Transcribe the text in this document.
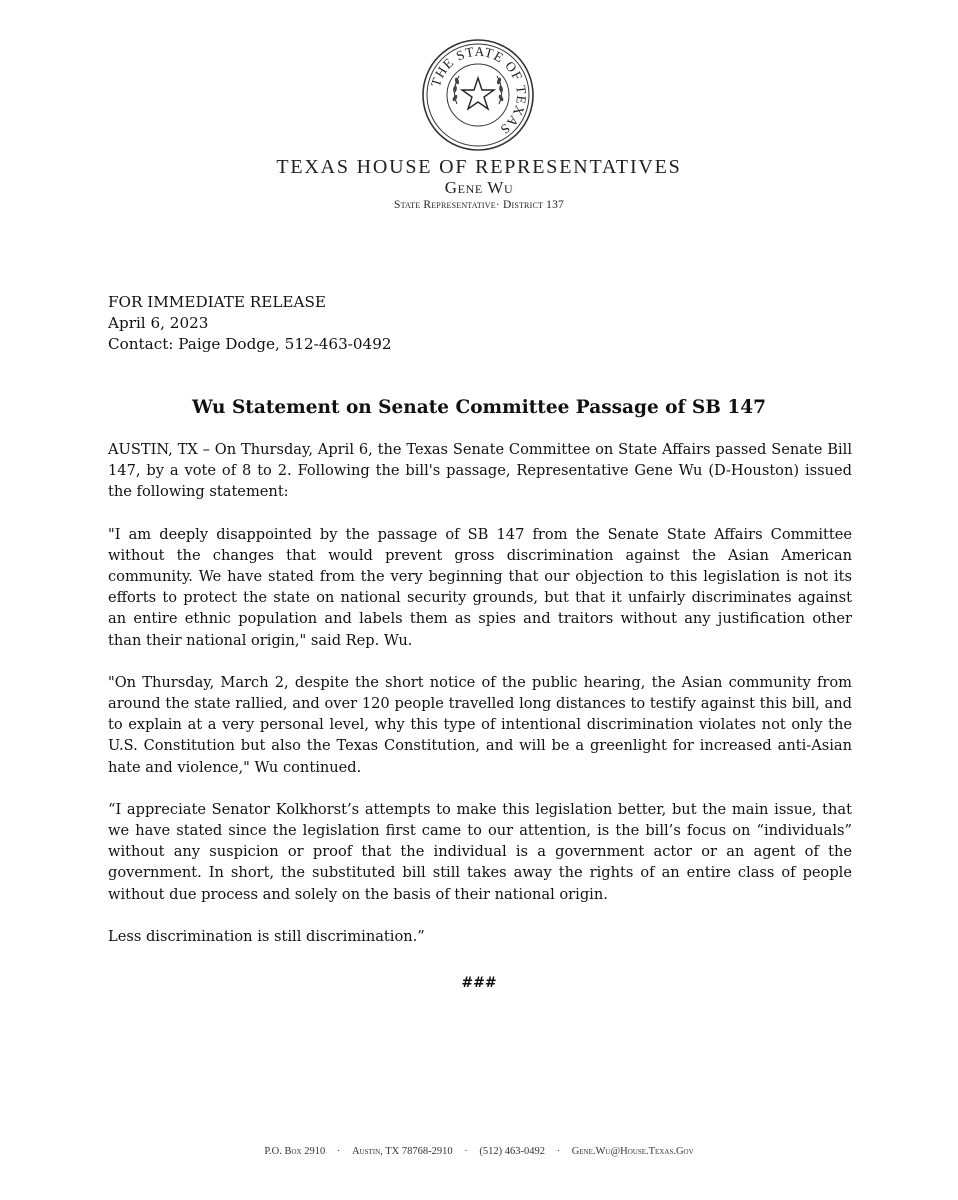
THE STATE OF TEXAS
TEXAS HOUSE OF REPRESENTATIVES
Gene Wu
State Representative· District 137
FOR IMMEDIATE RELEASE
April 6, 2023
Contact: Paige Dodge, 512-463-0492
Wu Statement on Senate Committee Passage of SB 147

AUSTIN, TX – On Thursday, April 6, the Texas Senate Committee on State Affairs passed Senate Bill 147, by a vote of 8 to 2. Following the bill's passage, Representative Gene Wu (D-Houston) issued the following statement:

"I am deeply disappointed by the passage of SB 147 from the Senate State Affairs Committee without the changes that would prevent gross discrimination against the Asian American community. We have stated from the very beginning that our objection to this legislation is not its efforts to protect the state on national security grounds, but that it unfairly discriminates against an entire ethnic population and labels them as spies and traitors without any justification other than their national origin," said Rep. Wu.

"On Thursday, March 2, despite the short notice of the public hearing, the Asian community from around the state rallied, and over 120 people travelled long distances to testify against this bill, and to explain at a very personal level, why this type of intentional discrimination violates not only the U.S. Constitution but also the Texas Constitution, and will be a greenlight for increased anti-Asian hate and violence," Wu continued.

“I appreciate Senator Kolkhorst’s attempts to make this legislation better, but the main issue, that we have stated since the legislation first came to our attention, is the bill’s focus on “individuals” without any suspicion or proof that the individual is a government actor or an agent of the government. In short, the substituted bill still takes away the rights of an entire class of people without due process and solely on the basis of their national origin.

Less discrimination is still discrimination.”

###
P.O. Box 2910 · Austin, TX 78768-2910 · (512) 463-0492 · Gene.Wu@House.Texas.Gov
